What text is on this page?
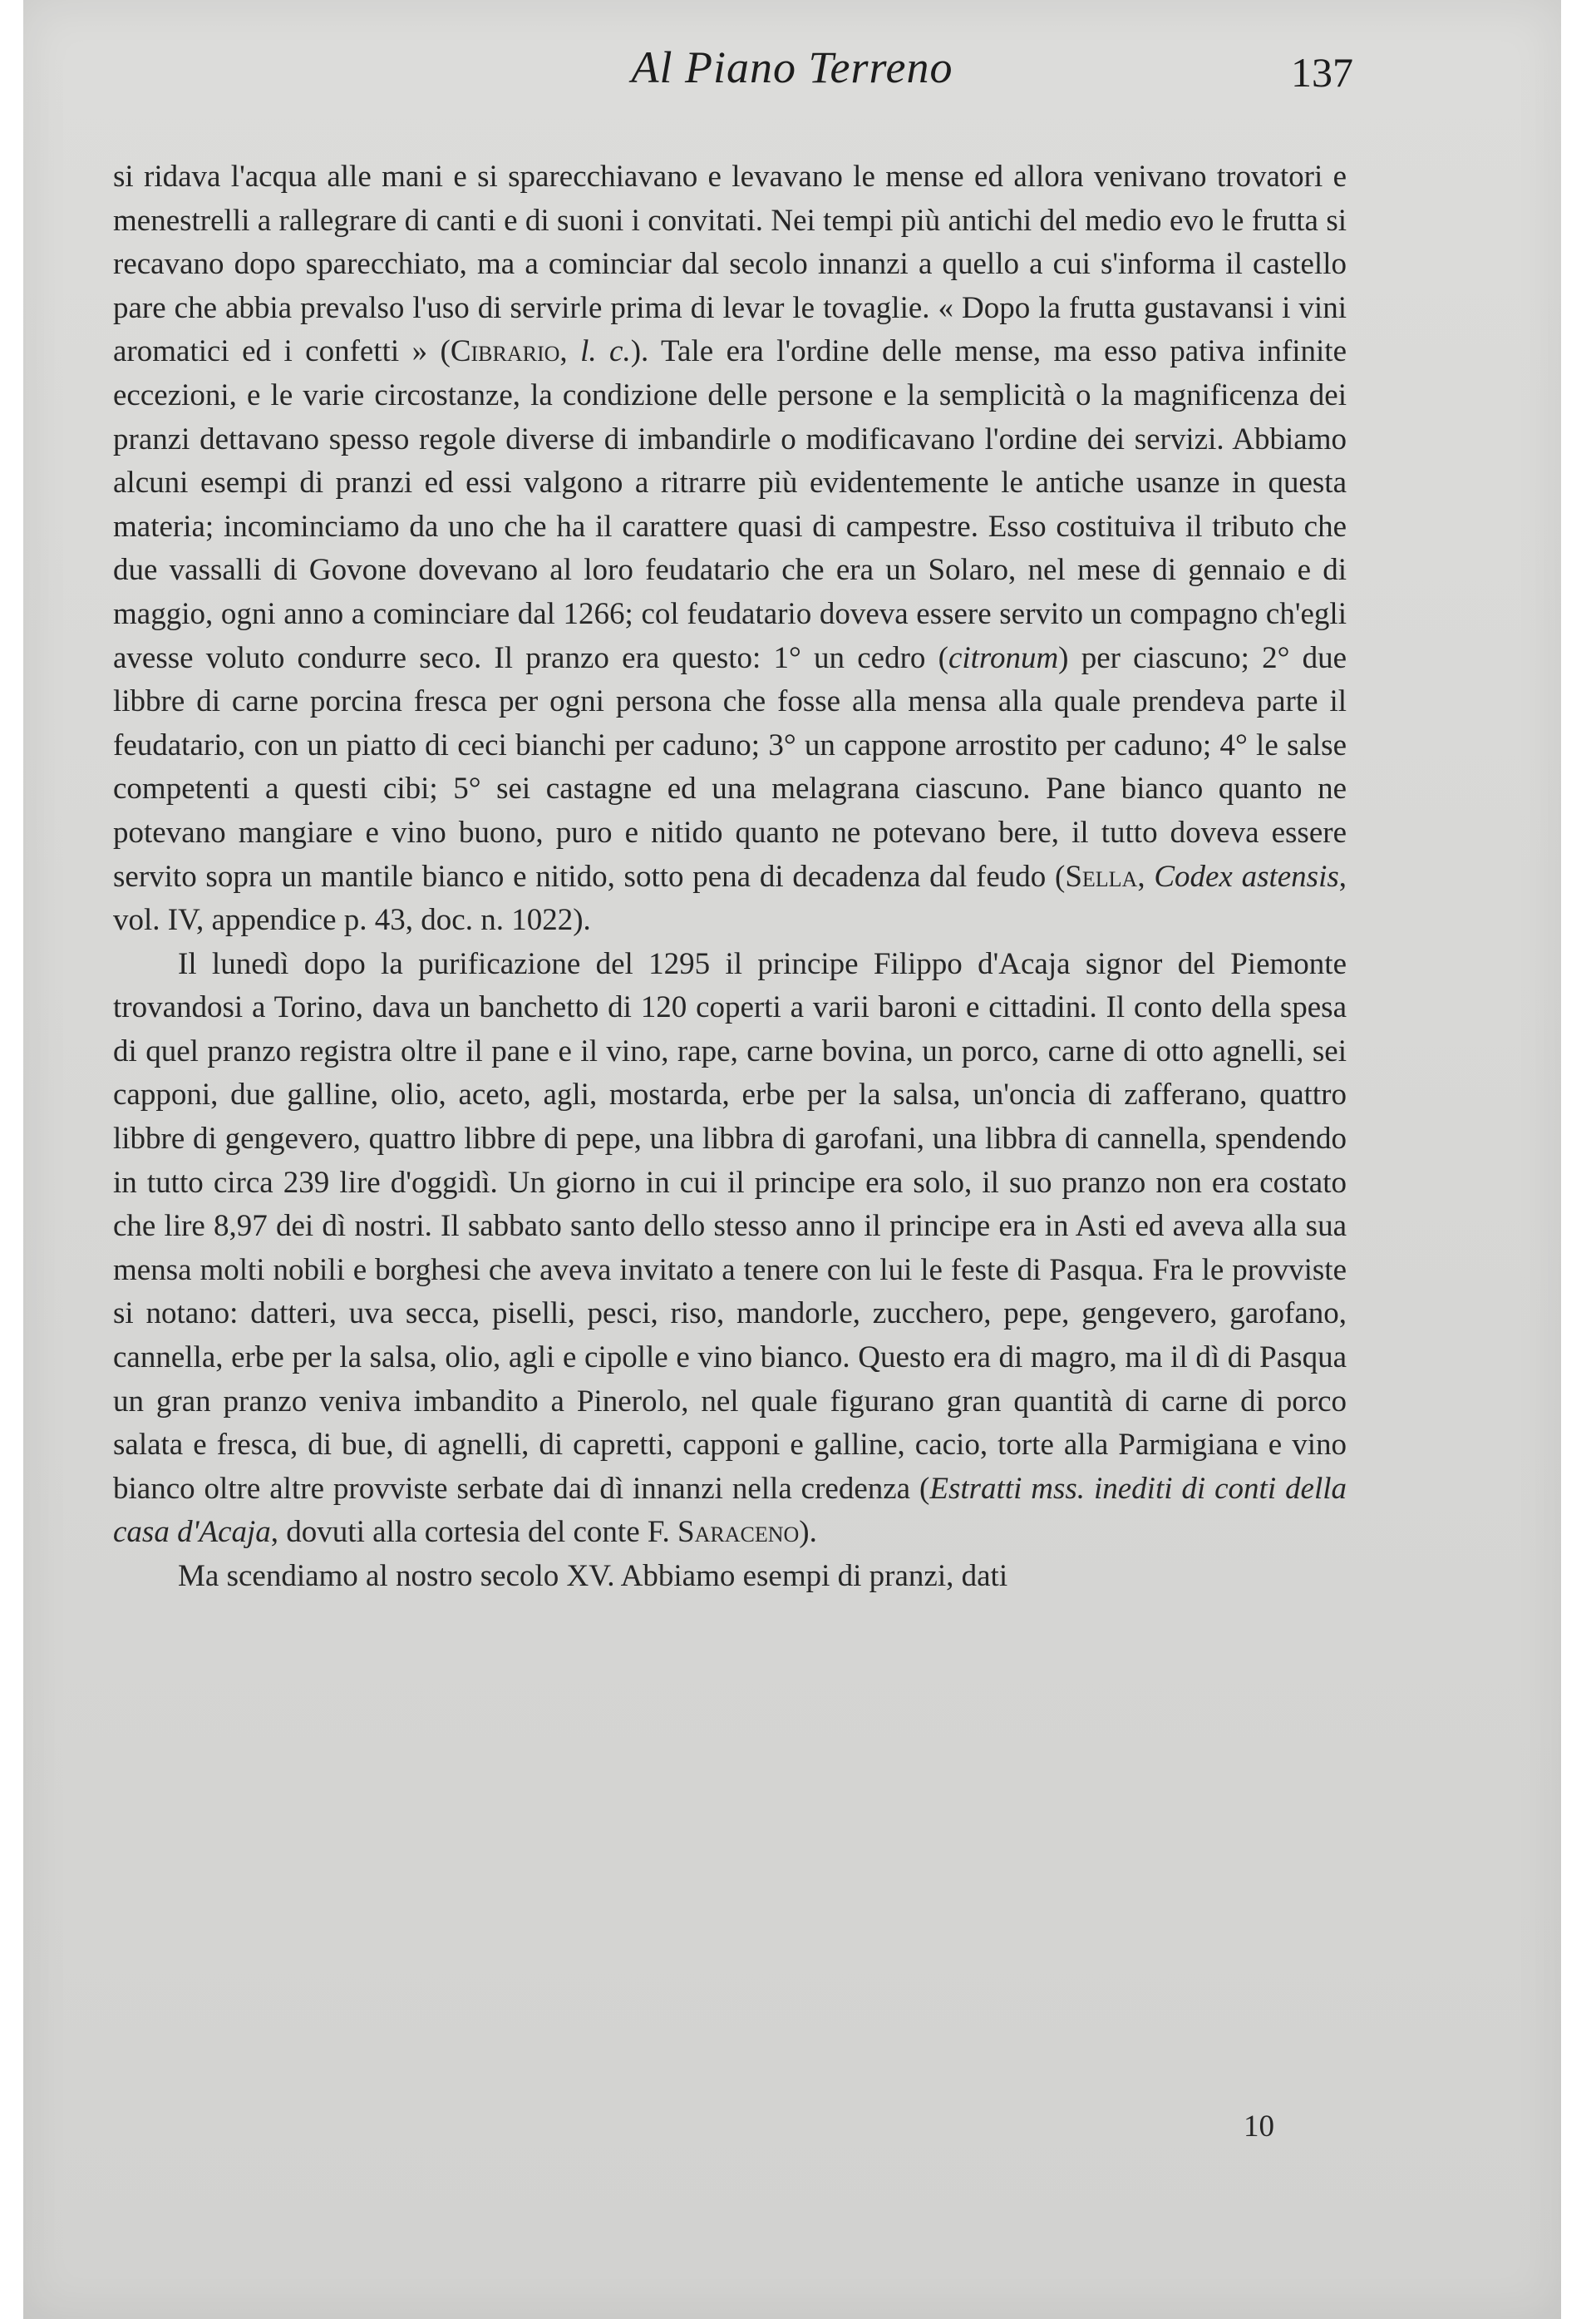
Al Piano Terreno	137

si ridava l'acqua alle mani e si sparecchiavano e levavano le mense ed allora venivano trovatori e menestrelli a rallegrare di canti e di suoni i convitati. Nei tempi più antichi del medio evo le frutta si recavano dopo sparecchiato, ma a cominciar dal secolo innanzi a quello a cui s'informa il castello pare che abbia prevalso l'uso di servirle prima di levar le tovaglie. « Dopo la frutta gustavansi i vini aromatici ed i confetti » (Cibrario, l. c.). Tale era l'ordine delle mense, ma esso pativa infinite eccezioni, e le varie circostanze, la condizione delle persone e la semplicità o la magnificenza dei pranzi dettavano spesso regole diverse di imbandirle o modificavano l'ordine dei servizi. Abbiamo alcuni esempi di pranzi ed essi valgono a ritrarre più evidentemente le antiche usanze in questa materia; incominciamo da uno che ha il carattere quasi di campestre. Esso costituiva il tributo che due vassalli di Govone dovevano al loro feudatario che era un Solaro, nel mese di gennaio e di maggio, ogni anno a cominciare dal 1266; col feudatario doveva essere servito un compagno ch'egli avesse voluto condurre seco. Il pranzo era questo: 1° un cedro (citronum) per ciascuno; 2° due libbre di carne porcina fresca per ogni persona che fosse alla mensa alla quale prendeva parte il feudatario, con un piatto di ceci bianchi per caduno; 3° un cappone arrostito per caduno; 4° le salse competenti a questi cibi; 5° sei castagne ed una melagrana ciascuno. Pane bianco quanto ne potevano mangiare e vino buono, puro e nitido quanto ne potevano bere, il tutto doveva essere servito sopra un mantile bianco e nitido, sotto pena di decadenza dal feudo (Sella, Codex astensis, vol. IV, appendice p. 43, doc. n. 1022).

Il lunedì dopo la purificazione del 1295 il principe Filippo d'Acaja signor del Piemonte trovandosi a Torino, dava un banchetto di 120 coperti a varii baroni e cittadini. Il conto della spesa di quel pranzo registra oltre il pane e il vino, rape, carne bovina, un porco, carne di otto agnelli, sei capponi, due galline, olio, aceto, agli, mostarda, erbe per la salsa, un'oncia di zafferano, quattro libbre di gengevero, quattro libbre di pepe, una libbra di garofani, una libbra di cannella, spendendo in tutto circa 239 lire d'oggidì. Un giorno in cui il principe era solo, il suo pranzo non era costato che lire 8,97 dei dì nostri. Il sabbato santo dello stesso anno il principe era in Asti ed aveva alla sua mensa molti nobili e borghesi che aveva invitato a tenere con lui le feste di Pasqua. Fra le provviste si notano: datteri, uva secca, piselli, pesci, riso, mandorle, zucchero, pepe, gengevero, garofano, cannella, erbe per la salsa, olio, agli e cipolle e vino bianco. Questo era di magro, ma il dì di Pasqua un gran pranzo veniva imbandito a Pinerolo, nel quale figurano gran quantità di carne di porco salata e fresca, di bue, di agnelli, di capretti, capponi e galline, cacio, torte alla Parmigiana e vino bianco oltre altre provviste serbate dai dì innanzi nella credenza (Estratti mss. inediti di conti della casa d'Acaja, dovuti alla cortesia del conte F. Saraceno).

Ma scendiamo al nostro secolo XV. Abbiamo esempi di pranzi, dati

10
